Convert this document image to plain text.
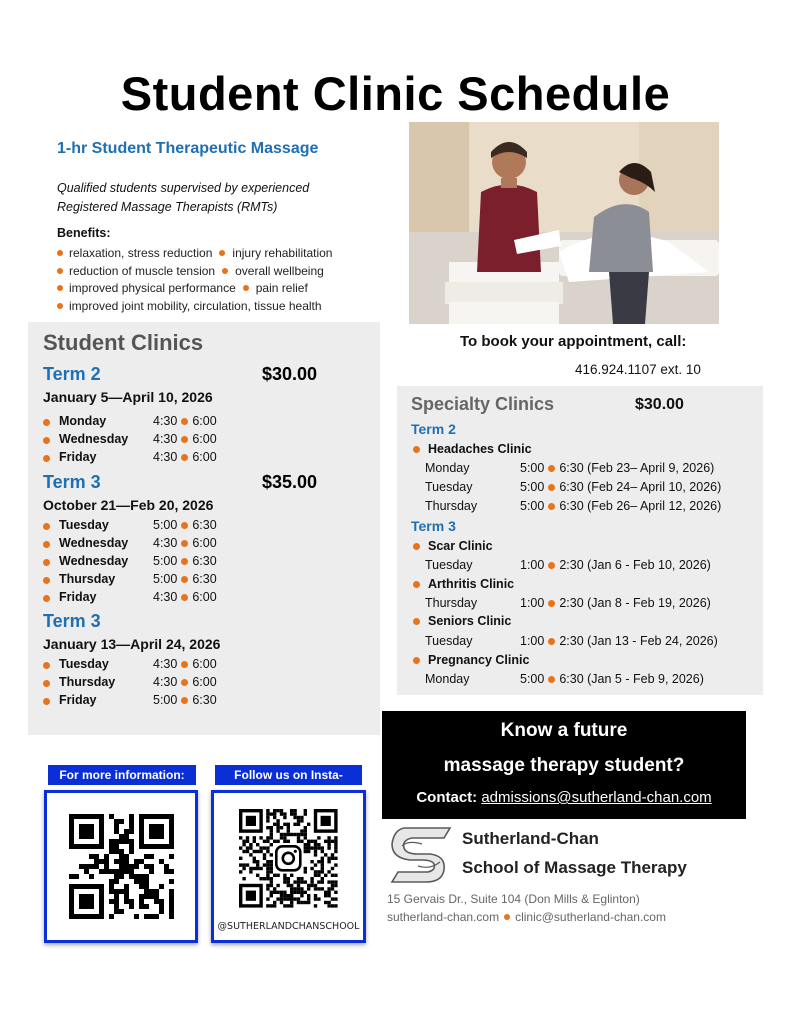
Student Clinic Schedule
1-hr Student Therapeutic Massage
Qualified students supervised by experienced
Registered Massage Therapists (RMTs)
Benefits:
relaxation, stress reduction injury rehabilitation
reduction of muscle tension overall wellbeing
improved physical performance pain relief
improved joint mobility, circulation, tissue health
To book your appointment, call:
416.924.1107 ext. 10
Student Clinics
Term 2	$30.00
January 5—April 10, 2026
Monday	4:30 6:00
Wednesday 4:30 6:00
Friday	4:30 6:00
Term 3	$35.00
October 21—Feb 20, 2026
Tuesday	5:00 6:30
Wednesday 4:30 6:00
Wednesday 5:00 6:30
Thursday	5:00 6:30
Friday	4:30 6:00
Term 3
January 13—April 24, 2026
Tuesday	4:30 6:00
Thursday	4:30 6:00
Friday	5:00 6:30
Specialty Clinics	$30.00
Term 2
Headaches Clinic
Monday	5:00 6:30 (Feb 23– April 9, 2026)
Tuesday	5:00 6:30 (Feb 24– April 10, 2026)
Thursday	5:00 6:30 (Feb 26– April 12, 2026)
Term 3
Scar Clinic
Tuesday	1:00 2:30 (Jan 6 - Feb 10, 2026)
Arthritis Clinic
Thursday	1:00 2:30 (Jan 8 - Feb 19, 2026)
Seniors Clinic
Tuesday	1:00 2:30 (Jan 13 - Feb 24, 2026)
Pregnancy Clinic
Monday	5:00 6:30 (Jan 5 - Feb 9, 2026)
Know a future
massage therapy student?
Contact: admissions@sutherland-chan.com
For more information:	Follow us on Insta-
@SUTHERLANDCHANSCHOOL
Sutherland-Chan
School of Massage Therapy
15 Gervais Dr., Suite 104 (Don Mills & Eglinton)
sutherland-chan.com clinic@sutherland-chan.com
